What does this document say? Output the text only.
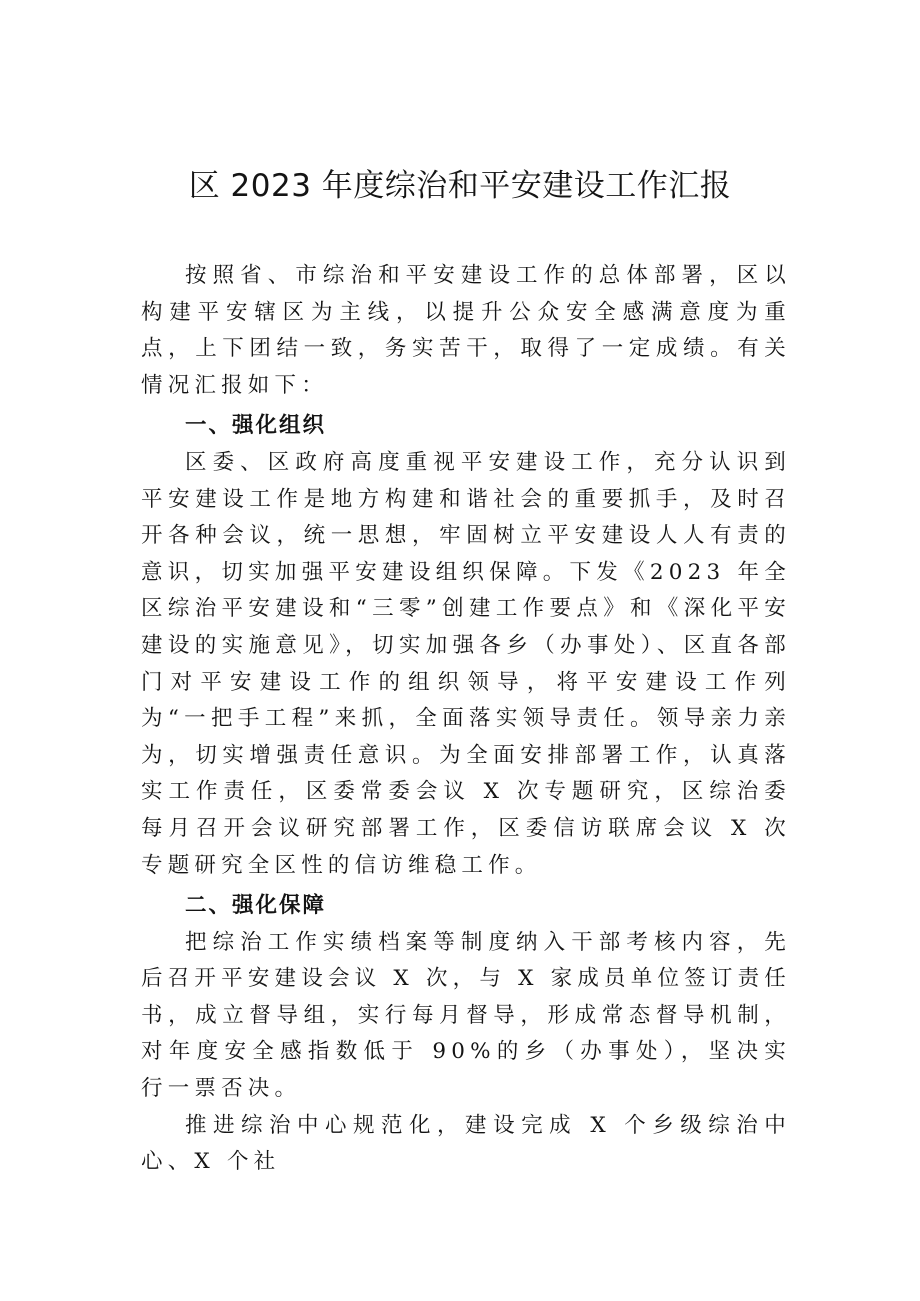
区 2023 年度综治和平安建设工作汇报

按照省、市综治和平安建设工作的总体部署，区以构建平安辖区为主线，以提升公众安全感满意度为重点，上下团结一致，务实苦干，取得了一定成绩。有关情况汇报如下：

一、强化组织

区委、区政府高度重视平安建设工作，充分认识到平安建设工作是地方构建和谐社会的重要抓手，及时召开各种会议，统一思想，牢固树立平安建设人人有责的意识，切实加强平安建设组织保障。下发《2023 年全区综治平安建设和“三零”创建工作要点》和《深化平安建设的实施意见》，切实加强各乡（办事处）、区直各部门对平安建设工作的组织领导，将平安建设工作列为“一把手工程”来抓，全面落实领导责任。领导亲力亲为，切实增强责任意识。为全面安排部署工作，认真落实工作责任，区委常委会议 X 次专题研究，区综治委每月召开会议研究部署工作，区委信访联席会议 X 次专题研究全区性的信访维稳工作。

二、强化保障

把综治工作实绩档案等制度纳入干部考核内容，先后召开平安建设会议 X 次，与 X 家成员单位签订责任书，成立督导组，实行每月督导，形成常态督导机制，对年度安全感指数低于 90%的乡（办事处），坚决实行一票否决。

推进综治中心规范化，建设完成 X 个乡级综治中心、X 个社
